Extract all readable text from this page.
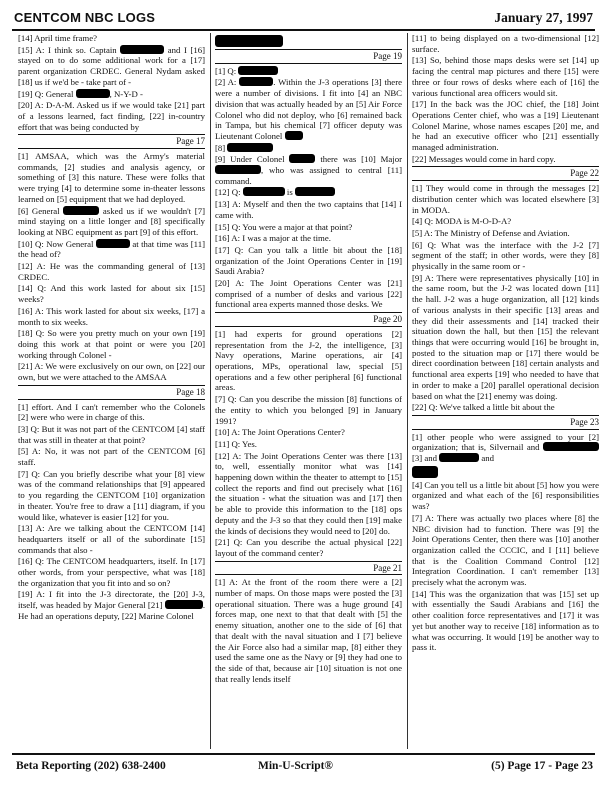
CENTCOM NBC LOGS	January 27, 1997

[14] April time frame?

[15] A: I think so. Captain	and I [16] stayed on to do some additional work for a [17] parent organization CRDEC. General Nydam asked [18] us if we'd be - take part of -

[19] Q: General	, N-Y-D -

[20] A: D-A-M. Asked us if we would take [21] part of a lessons learned, fact finding, [22] in-country effort that was being conducted by

Page 17

[1] AMSAA, which was the Army's material commands, [2] studies and analysis agency, or something of [3] this nature. These were folks that were trying [4] to determine some in-theater lessons learned on [5] equipment that we had deployed.

[6] General	asked us if we wouldn't [7] mind staying on a little longer and [8] specifically looking at NBC equipment as part [9] of this effort.

[10] Q: Now General	at that time was [11] the head of?

[12] A: He was the commanding general of [13] CRDEC.

[14] Q: And this work lasted for about six [15] weeks?

[16] A: This work lasted for about six weeks, [17] a month to six weeks.

[18] Q: So were you pretty much on your own [19] doing this work at that point or were you [20] working through Colonel -

[21] A: We were exclusively on our own, on [22] our own, but we were attached to the AMSAA

Page 18

[1] effort. And I can't remember who the Colonels [2] were who were in charge of this.

[3] Q: But it was not part of the CENTCOM [4] staff that was still in theater at that point?

[5] A: No, it was not part of the CENTCOM [6] staff.

[7] Q: Can you briefly describe what your [8] view was of the command relationships that [9] appeared to you regarding the CENTCOM [10] organization in theater. You're free to draw a [11] diagram, if you would like, whatever is easier [12] for you.

[13] A: Are we talking about the CENTCOM [14] headquarters itself or all of the subordinate [15] commands that also -

[16] Q: The CENTCOM headquarters, itself. In [17] other words, from your perspective, what was [18] the organization that you fit into and so on?

[19] A: I fit into the J-3 directorate, the [20] J-3, itself, was headed by Major General [21]	. He had an operations deputy, [22] Marine Colonel

Page 19

[1] Q:

[2] A:	. Within the J-3 operations [3] there were a number of divisions. I fit into [4] an NBC division that was actually headed by an [5] Air Force Colonel who did not deploy, who [6] remained back in Tampa, but his chemical [7] officer deputy was Lieutenant Colonel

[8]

[9] Under Colonel	there was [10] Major , who was assigned to central [11] command.

[12] Q:	is

[13] A: Myself and then the two captains that [14] I came with.

[15] Q: You were a major at that point?

[16] A: I was a major at the time.

[17] Q: Can you talk a little bit about the [18] organization of the Joint Operations Center in [19] Saudi Arabia?

[20] A: The Joint Operations Center was [21] comprised of a number of desks and various [22] functional area experts manned those desks. We

Page 20

[1] had experts for ground operations [2] representation from the J-2, the intelligence, [3] Navy operations, Marine operations, air [4] operations, MPs, operational law, special [5] operations and a few other peripheral [6] functional areas.

[7] Q: Can you describe the mission [8] functions of the entity to which you belonged [9] in January 1991?

[10] A: The Joint Operations Center?

[11] Q: Yes.

[12] A: The Joint Operations Center was there [13] to, well, essentially monitor what was [14] happening down within the theater to attempt to [15] collect the reports and find out precisely what [16] the situation - what the situation was and [17] then be able to provide this information to the [18] ops deputy and the J-3 so that they could then [19] make the kinds of decisions they would need to [20] do.

[21] Q: Can you describe the actual physical [22] layout of the command center?

Page 21

[1] A: At the front of the room there were a [2] number of maps. On those maps were posted the [3] operational situation. There was a huge ground [4] forces map, one next to that that dealt with [5] the enemy situation, another one to the side of [6] that that dealt with the naval situation and I [7] believe the Air Force also had a similar map, [8] either they used the same one as the Navy or [9] they had one to the side of that, because air [10] situation is not one that really lends itself

[11] to being displayed on a two-dimensional [12] surface.

[13] So, behind those maps desks were set [14] up facing the central map pictures and there [15] were three or four rows of desks where each of [16] the various functional area officers would sit.

[17] In the back was the JOC chief, the [18] Joint Operations Center chief, who was a [19] Lieutenant Colonel Marine, whose names escapes [20] me, and he had an executive officer who [21] essentially managed administration.

[22] Messages would come in hard copy.

Page 22

[1] They would come in through the messages [2] distribution center which was located elsewhere [3] in MODA.

[4] Q: MODA is M-O-D-A?

[5] A: The Ministry of Defense and Aviation.

[6] Q: What was the interface with the J-2 [7] segment of the staff; in other words, were they [8] physically in the same room or -

[9] A: There were representatives physically [10] in the same room, but the J-2 was located down [11] the hall. J-2 was a huge organization, all [12] kinds of various analysts in their specific [13] areas and they did their assessments and [14] tracked their situation down the hall, but then [15] the relevant things that were occurring would [16] be brought in, posted to the situation map or [17] there would be direct coordination between [18] certain analysts and functional area experts [19] who needed to have that in order to make a [20] parallel operational decision based on what the [21] enemy was doing.

[22] Q: We've talked a little bit about the

Page 23

[1] other people who were assigned to your [2] organization; that is, Silvernail and  [3] and	and

[4] Can you tell us a little bit about [5] how you were organized and what each of the [6] responsibilities was?

[7] A: There was actually two places where [8] the NBC division had to function. There was [9] the Joint Operations Center, then there was [10] another organization called the CCCIC, and I [11] believe that is the Coalition Command Control [12] Integration Coordination. I can't remember [13] precisely what the acronym was.

[14] This was the organization that was [15] set up with essentially the Saudi Arabians and [16] the other coalition force representatives and [17] it was yet but another way to receive [18] information as to what was occurring. It would [19] be another way to pass it.

Beta Reporting (202) 638-2400	Min-U-Script®	(5) Page 17 - Page 23
